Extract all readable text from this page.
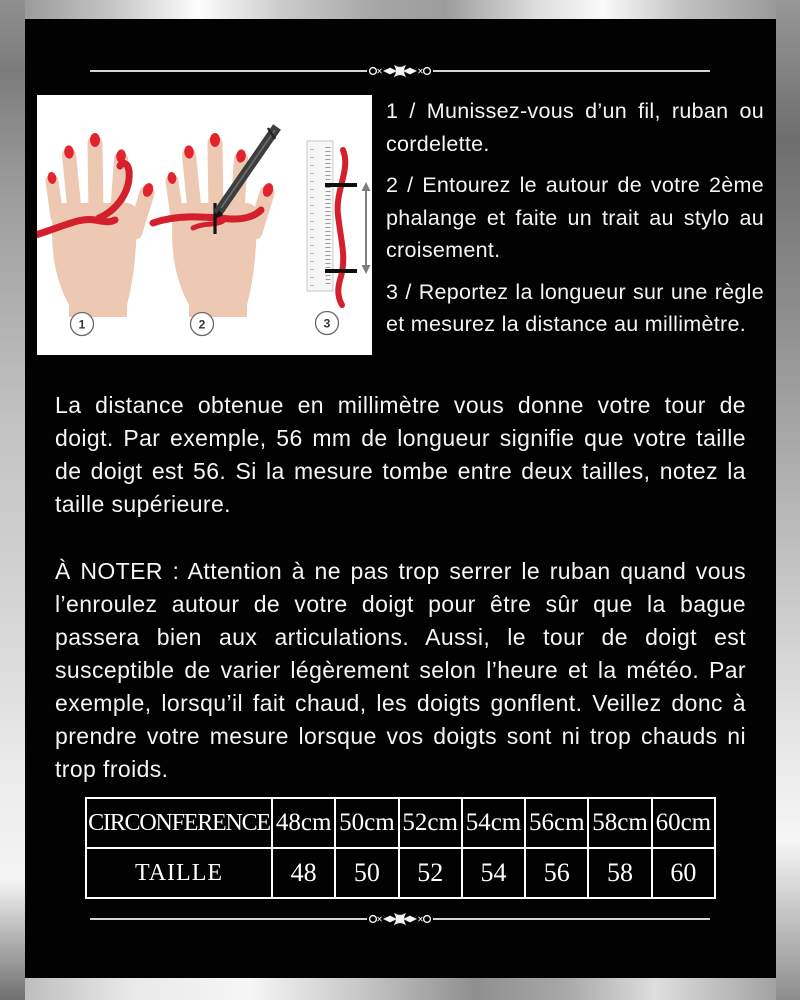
1	2	3

1 / Munissez-vous d’un fil, ruban ou cordelette.

2 / Entourez le autour de votre 2ème phalange et faite un trait au stylo au croisement.

3 / Reportez la longueur sur une règle et mesurez la distance au millimètre.

La distance obtenue en millimètre vous donne votre tour de doigt. Par exemple, 56 mm de longueur signifie que votre taille de doigt est 56. Si la mesure tombe entre deux tailles, notez la taille supérieure.

À NOTER : Attention à ne pas trop serrer le ruban quand vous l’enroulez autour de votre doigt pour être sûr que la bague passera bien aux articulations. Aussi, le tour de doigt est susceptible de varier légèrement selon l’heure et la météo. Par exemple, lorsqu’il fait chaud, les doigts gonflent. Veillez donc à prendre votre mesure lorsque vos doigts sont ni trop chauds ni trop froids.

CIRCONFERENCE	48cm	50cm	52cm	54cm	56cm	58cm	60cm
TAILLE	48	50	52	54	56	58	60
